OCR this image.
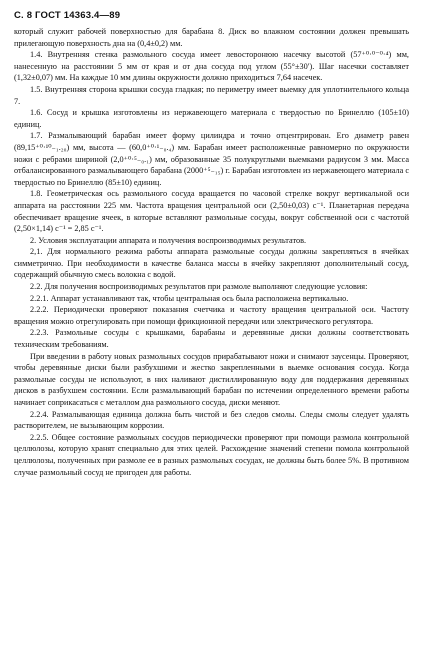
С. 8 ГОСТ 14363.4—89

который служит рабочей поверхностью для барабана 8. Диск во влажном состоянии должен превышать прилегающую поверхность дна на (0,4±0,2) мм.

1.4. Внутренняя стенка размольного сосуда имеет левосторонюю насечку высотой (57⁺⁰·⁰⁻⁰·⁴) мм, нанесенную на расстоянии 5 мм от края и от дна сосуда под углом (55°±30′). Шаг насечки составляет (1,32±0,07) мм. На каждые 10 мм длины окружности должно приходиться 7,64 насечек.

1.5. Внутренняя сторона крышки сосуда гладкая; по периметру имеет выемку для уплотнительного кольца 7.

1.6. Сосуд и крышка изготовлены из нержавеющего материала с твердостью по Бринеллю (105±10) единиц.

1.7. Размалывающий барабан имеет форму цилиндра и точно отцентрирован. Его диаметр равен (89,15⁺⁰·¹⁰₋₁.₂₀) мм, высота — (60,0⁺⁰·¹₋₀.₄) мм. Барабан имеет расположенные равномерно по окружности ножи с ребрами шириной (2,0⁺⁰·⁵₋₀.₁) мм, образованные 35 полукруглыми выемками радиусом 3 мм. Масса отбалансированного размалывающего барабана (2000⁺⁵₋₁₅) г. Барабан изготовлен из нержавеющего материала с твердостью по Бринеллю (85±10) единиц.

1.8. Геометрическая ось размольного сосуда вращается по часовой стрелке вокруг вертикальной оси аппарата на расстоянии 225 мм. Частота вращения центральной оси (2,50±0,03) с⁻¹. Планетарная передача обеспечивает вращение ячеек, в которые вставляют размольные сосуды, вокруг собственной оси с частотой (2,50×1,14) с⁻¹ = 2,85 с⁻¹.

2. Условия эксплуатации аппарата и получения воспроизводимых результатов.

2,1. Для нормального режима работы аппарата размольные сосуды должны закрепляться в ячейках симметрично. При необходимости в качестве баланса массы в ячейку закрепляют дополнительный сосуд, содержащий обычную смесь волокна с водой.

2.2. Для получения воспроизводимых результатов при размоле выполняют следующие условия:

2.2.1. Аппарат устанавливают так, чтобы центральная ось была расположена вертикально.

2.2.2. Периодически проверяют показания счетчика и частоту вращения центральной оси. Частоту вращения можно отрегулировать при помощи фрикционной передачи или электрического регулятора.

2.2.3. Размольные сосуды с крышками, барабаны и деревянные диски должны соответствовать техническим требованиям.

При введении в работу новых размольных сосудов прирабатывают ножи и снимают заусенцы. Проверяют, чтобы деревянные диски были разбухшими и жестко закрепленными в выемке основания сосуда. Когда размольные сосуды не используют, в них наливают дистиллированную воду для поддержания деревянных дисков в разбухшем состоянии. Если размалывающий барабан по истечении определенного времени работы начинает соприкасаться с металлом дна размольного сосуда, диски меняют.

2.2.4. Размалывающая единица должна быть чистой и без следов смолы. Следы смолы следует удалять растворителем, не вызывающим коррозии.

2.2.5. Общее состояние размольных сосудов периодически проверяют при помощи размола контрольной целлюлозы, которую хранят специально для этих целей. Расхождение значений степени помола контрольной целлюлозы, полученных при размоле ее в разных размольных сосудах, не должны быть более 5%. В противном случае размольный сосуд не пригоден для работы.
